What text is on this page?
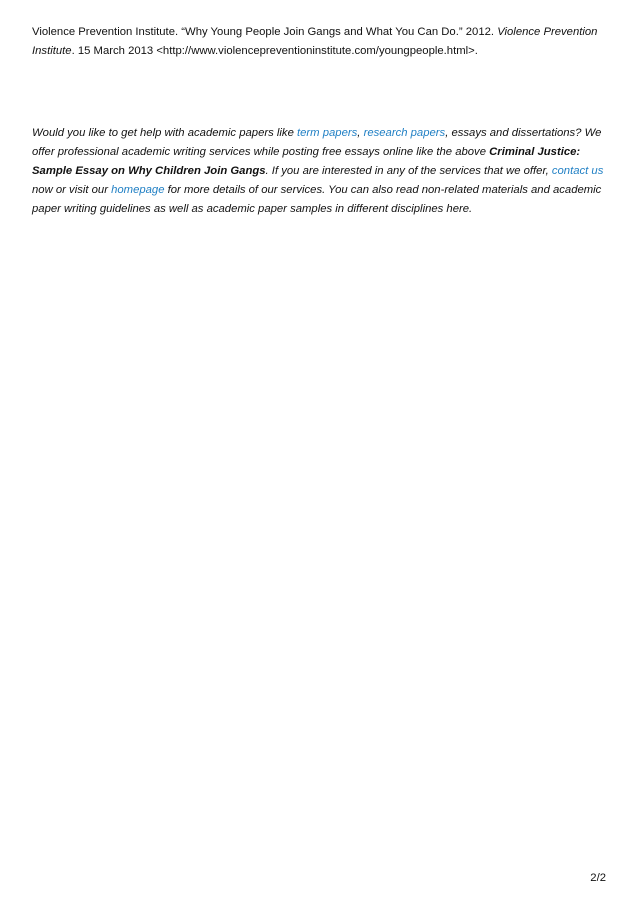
Violence Prevention Institute. “Why Young People Join Gangs and What You Can Do.” 2012. Violence Prevention Institute. 15 March 2013 <http://www.violencepreventioninstitute.com/youngpeople.html>.

Would you like to get help with academic papers like term papers, research papers, essays and dissertations? We offer professional academic writing services while posting free essays online like the above Criminal Justice: Sample Essay on Why Children Join Gangs. If you are interested in any of the services that we offer, contact us now or visit our homepage for more details of our services. You can also read non-related materials and academic paper writing guidelines as well as academic paper samples in different disciplines here.

2/2
